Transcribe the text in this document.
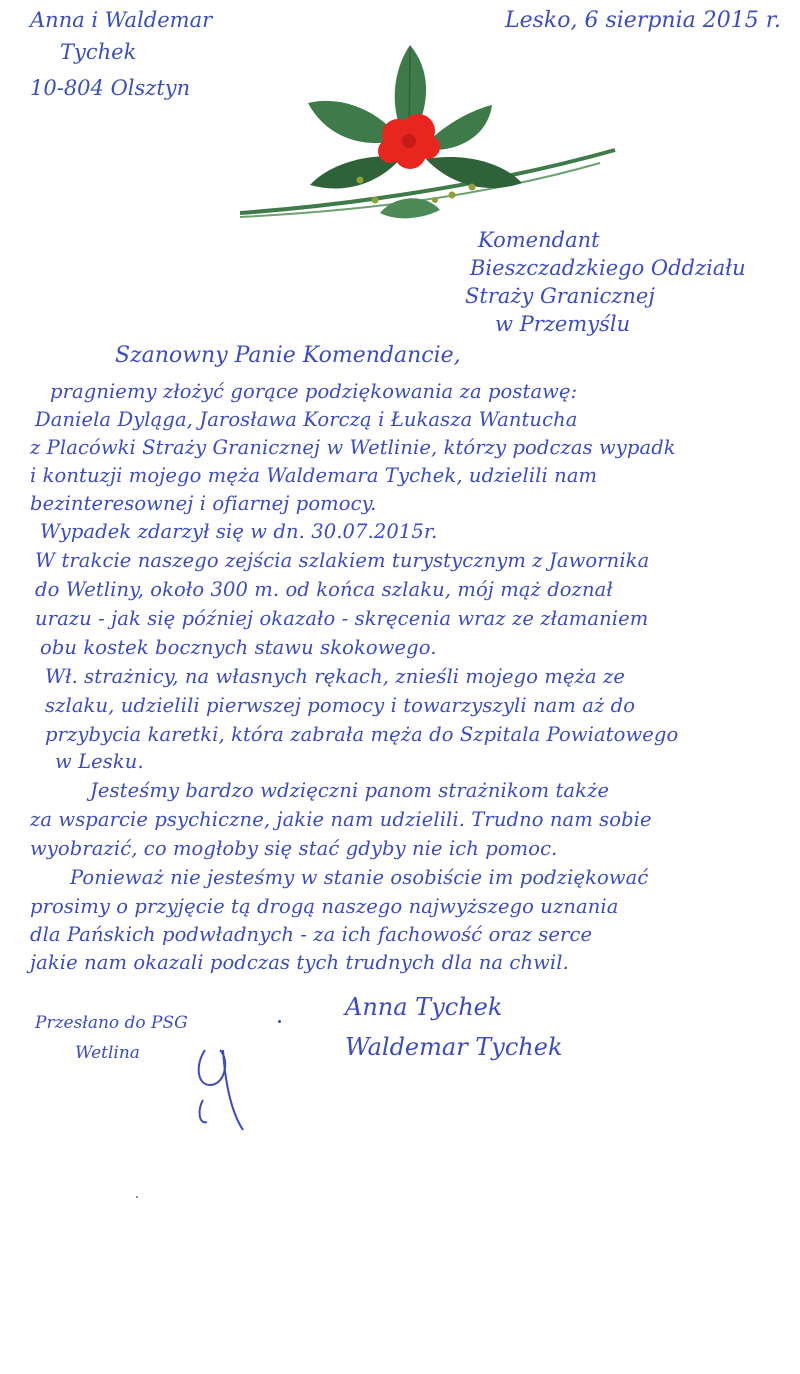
Anna i Waldemar
Tychek
10-804 Olsztyn
Lesko, 6 sierpnia 2015 r.
Komendant
Bieszczadzkiego Oddziału
Straży Granicznej
w Przemyślu
Szanowny Panie Komendancie,
pragniemy złożyć gorące podziękowania za postawę:
Daniela Dyląga, Jarosława Korczą i Łukasza Wantucha
z Placówki Straży Granicznej w Wetlinie, którzy podczas wypadk
i kontuzji mojego męża Waldemara Tychek, udzielili nam
bezinteresownej i ofiarnej pomocy.
Wypadek zdarzył się w dn. 30.07.2015r.
W trakcie naszego zejścia szlakiem turystycznym z Jawornika
do Wetliny, około 300 m. od końca szlaku, mój mąż doznał
urazu - jak się później okazało - skręcenia wraz ze złamaniem
obu kostek bocznych stawu skokowego.
Wł. strażnicy, na własnych rękach, znieśli mojego męża ze
szlaku, udzielili pierwszej pomocy i towarzyszyli nam aż do
przybycia karetki, która zabrała męża do Szpitala Powiatowego
w Lesku.
Jesteśmy bardzo wdzięczni panom strażnikom także
za wsparcie psychiczne, jakie nam udzielili. Trudno nam sobie
wyobrazić, co mogłoby się stać gdyby nie ich pomoc.
Ponieważ nie jesteśmy w stanie osobiście im podziękować
prosimy o przyjęcie tą drogą naszego najwyższego uznania
dla Pańskich podwładnych - za ich fachowość oraz serce
jakie nam okazali podczas tych trudnych dla na chwil.
Anna Tychek
Waldemar Tychek
Przesłano do PSG
Wetlina
